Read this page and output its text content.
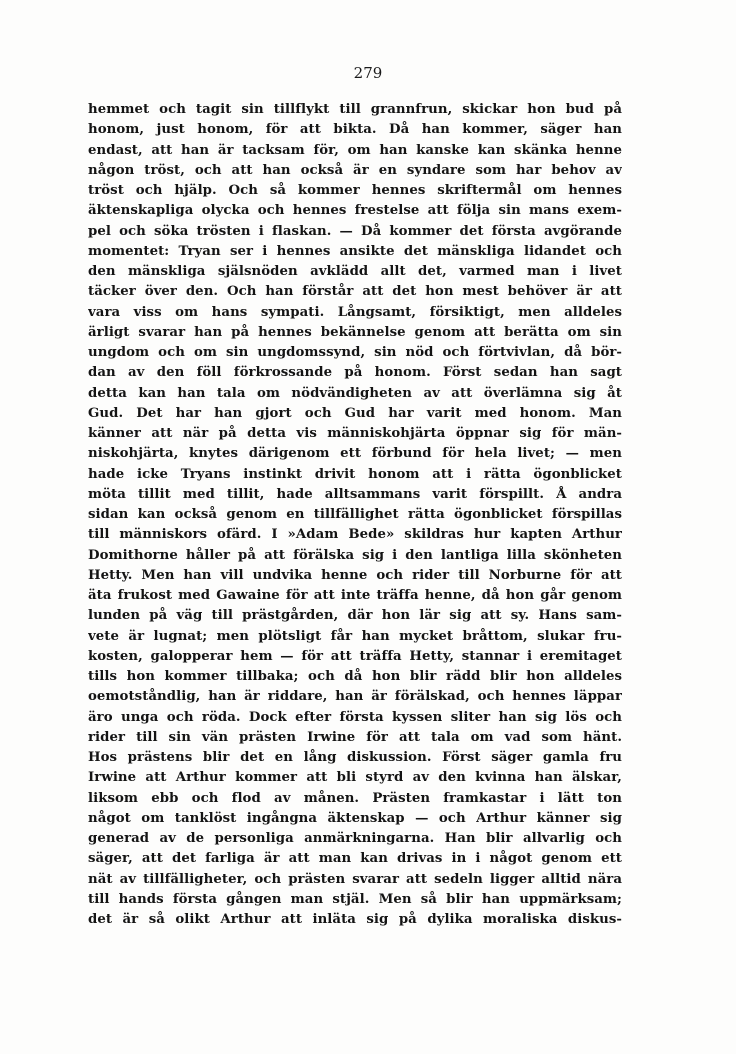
279
hemmet och tagit sin tillflykt till grannfrun, skickar hon bud på
honom, just honom, för att bikta. Då han kommer, säger han
endast, att han är tacksam för, om han kanske kan skänka henne
någon tröst, och att han också är en syndare som har behov av
tröst och hjälp. Och så kommer hennes skriftermål om hennes
äktenskapliga olycka och hennes frestelse att följa sin mans exem-
pel och söka trösten i flaskan. — Då kommer det första avgörande
momentet: Tryan ser i hennes ansikte det mänskliga lidandet och
den mänskliga själsnöden avklädd allt det, varmed man i livet
täcker över den. Och han förstår att det hon mest behöver är att
vara viss om hans sympati. Långsamt, försiktigt, men alldeles
ärligt svarar han på hennes bekännelse genom att berätta om sin
ungdom och om sin ungdomssynd, sin nöd och förtvivlan, då bör-
dan av den föll förkrossande på honom. Först sedan han sagt
detta kan han tala om nödvändigheten av att överlämna sig åt
Gud. Det har han gjort och Gud har varit med honom. Man
känner att när på detta vis människohjärta öppnar sig för män-
niskohjärta, knytes därigenom ett förbund för hela livet; — men
hade icke Tryans instinkt drivit honom att i rätta ögonblicket
möta tillit med tillit, hade alltsammans varit förspillt. Å andra
sidan kan också genom en tillfällighet rätta ögonblicket förspillas
till människors ofärd. I »Adam Bede» skildras hur kapten Arthur
Domithorne håller på att förälska sig i den lantliga lilla skönheten
Hetty. Men han vill undvika henne och rider till Norburne för att
äta frukost med Gawaine för att inte träffa henne, då hon går genom
lunden på väg till prästgården, där hon lär sig att sy. Hans sam-
vete är lugnat; men plötsligt får han mycket bråttom, slukar fru-
kosten, galopperar hem — för att träffa Hetty, stannar i eremitaget
tills hon kommer tillbaka; och då hon blir rädd blir hon alldeles
oemotståndlig, han är riddare, han är förälskad, och hennes läppar
äro unga och röda. Dock efter första kyssen sliter han sig lös och
rider till sin vän prästen Irwine för att tala om vad som hänt.
Hos prästens blir det en lång diskussion. Först säger gamla fru
Irwine att Arthur kommer att bli styrd av den kvinna han älskar,
liksom ebb och flod av månen. Prästen framkastar i lätt ton
något om tanklöst ingångna äktenskap — och Arthur känner sig
generad av de personliga anmärkningarna. Han blir allvarlig och
säger, att det farliga är att man kan drivas in i något genom ett
nät av tillfälligheter, och prästen svarar att sedeln ligger alltid nära
till hands första gången man stjäl. Men så blir han uppmärksam;
det är så olikt Arthur att inläta sig på dylika moraliska diskus-
